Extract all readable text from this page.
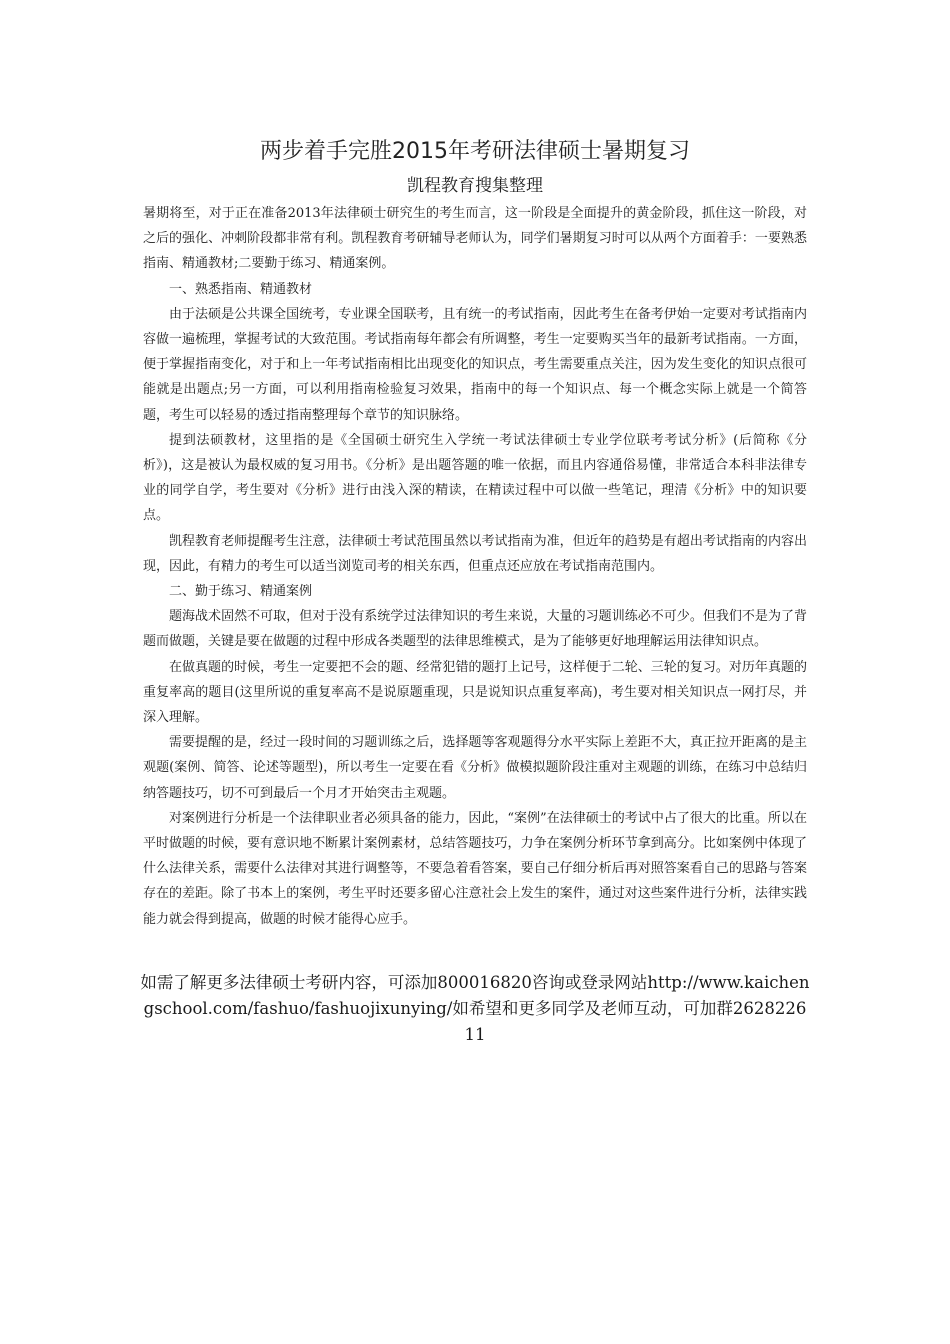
两步着手完胜2015年考研法律硕士暑期复习
凯程教育搜集整理

暑期将至，对于正在准备2013年法律硕士研究生的考生而言，这一阶段是全面提升的黄金阶段，抓住这一阶段，对之后的强化、冲刺阶段都非常有利。凯程教育考研辅导老师认为，同学们暑期复习时可以从两个方面着手：一要熟悉指南、精通教材;二要勤于练习、精通案例。

一、熟悉指南、精通教材

由于法硕是公共课全国统考，专业课全国联考，且有统一的考试指南，因此考生在备考伊始一定要对考试指南内容做一遍梳理，掌握考试的大致范围。考试指南每年都会有所调整，考生一定要购买当年的最新考试指南。一方面，便于掌握指南变化，对于和上一年考试指南相比出现变化的知识点，考生需要重点关注，因为发生变化的知识点很可能就是出题点;另一方面，可以利用指南检验复习效果，指南中的每一个知识点、每一个概念实际上就是一个简答题，考生可以轻易的透过指南整理每个章节的知识脉络。

提到法硕教材，这里指的是《全国硕士研究生入学统一考试法律硕士专业学位联考考试分析》(后简称《分析》)，这是被认为最权威的复习用书。《分析》是出题答题的唯一依据，而且内容通俗易懂，非常适合本科非法律专业的同学自学，考生要对《分析》进行由浅入深的精读，在精读过程中可以做一些笔记，理清《分析》中的知识要点。

凯程教育老师提醒考生注意，法律硕士考试范围虽然以考试指南为准，但近年的趋势是有超出考试指南的内容出现，因此，有精力的考生可以适当浏览司考的相关东西，但重点还应放在考试指南范围内。

二、勤于练习、精通案例

题海战术固然不可取，但对于没有系统学过法律知识的考生来说，大量的习题训练必不可少。但我们不是为了背题而做题，关键是要在做题的过程中形成各类题型的法律思维模式，是为了能够更好地理解运用法律知识点。

在做真题的时候，考生一定要把不会的题、经常犯错的题打上记号，这样便于二轮、三轮的复习。对历年真题的重复率高的题目(这里所说的重复率高不是说原题重现，只是说知识点重复率高)，考生要对相关知识点一网打尽，并深入理解。

需要提醒的是，经过一段时间的习题训练之后，选择题等客观题得分水平实际上差距不大，真正拉开距离的是主观题(案例、简答、论述等题型)，所以考生一定要在看《分析》做模拟题阶段注重对主观题的训练，在练习中总结归纳答题技巧，切不可到最后一个月才开始突击主观题。

对案例进行分析是一个法律职业者必须具备的能力，因此，“案例”在法律硕士的考试中占了很大的比重。所以在平时做题的时候，要有意识地不断累计案例素材，总结答题技巧，力争在案例分析环节拿到高分。比如案例中体现了什么法律关系，需要什么法律对其进行调整等，不要急着看答案，要自己仔细分析后再对照答案看自己的思路与答案存在的差距。除了书本上的案例，考生平时还要多留心注意社会上发生的案件，通过对这些案件进行分析，法律实践能力就会得到提高，做题的时候才能得心应手。

如需了解更多法律硕士考研内容，可添加800016820咨询或登录网站http://www.kaichengschool.com/fashuo/fashuojixunying/如希望和更多同学及老师互动，可加群262822611
